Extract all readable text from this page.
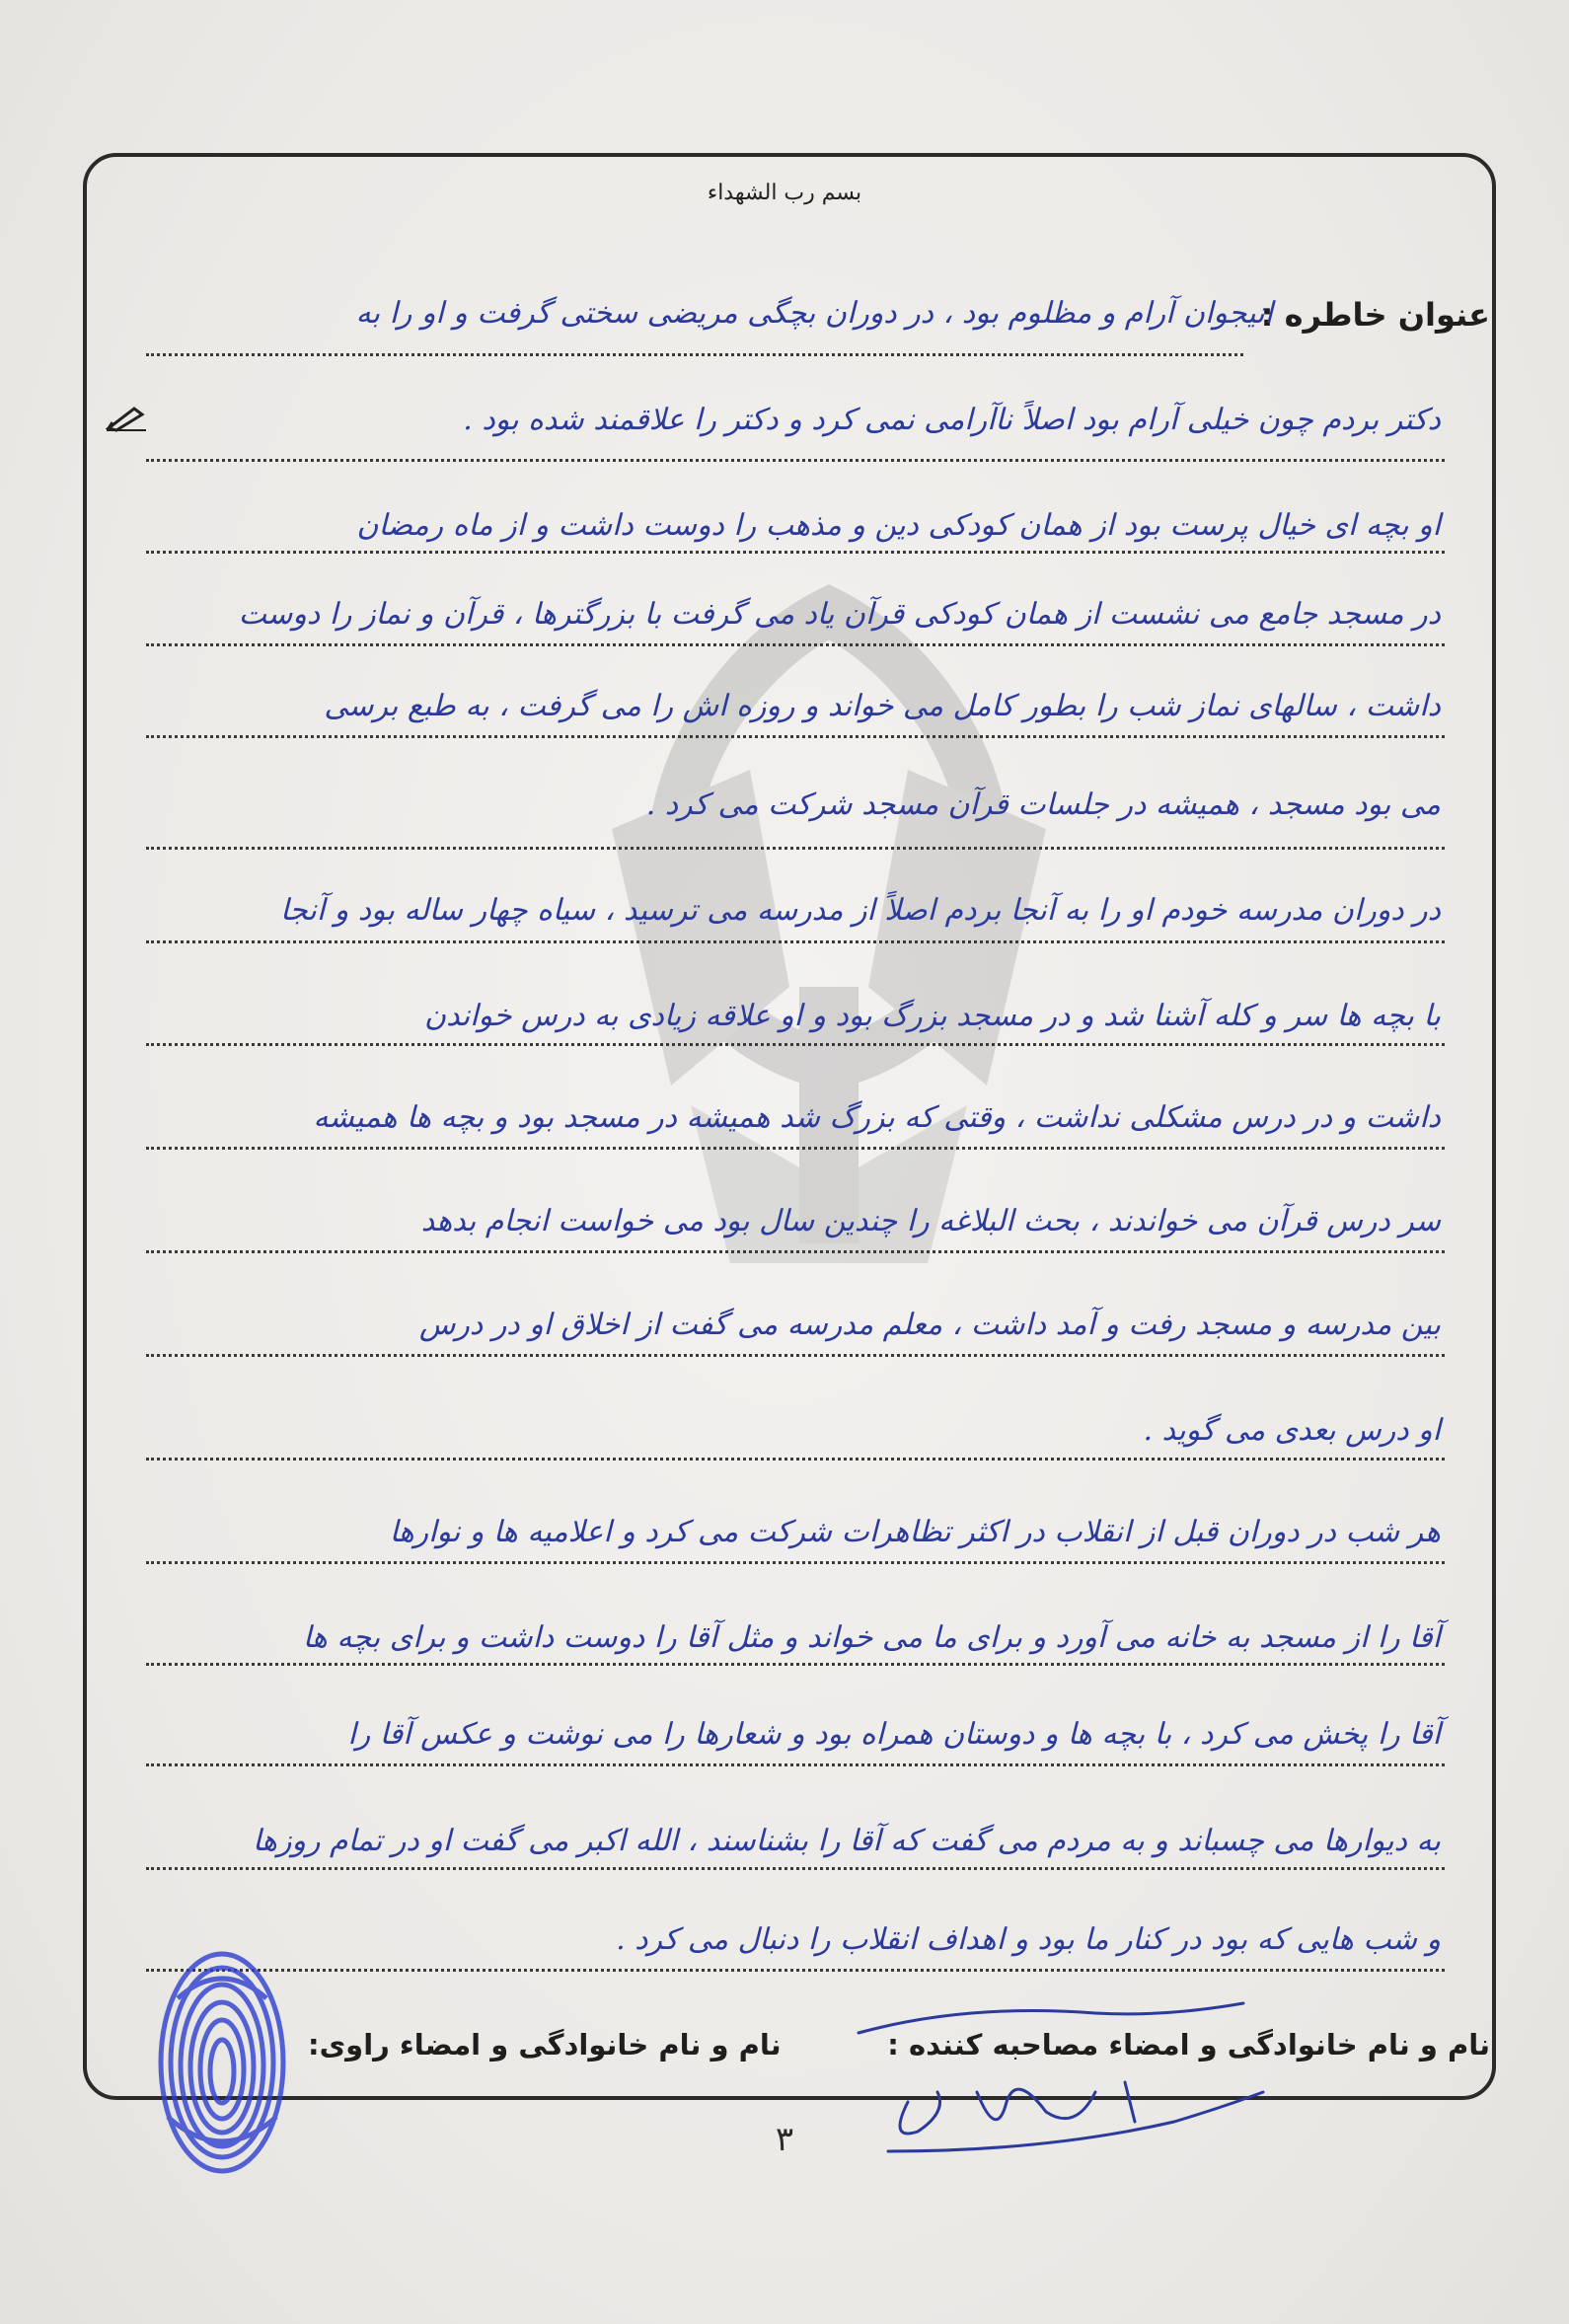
بسم رب الشهداء
عنوان خاطره :
انیجوان آرام و مظلوم بود ، در دوران بچگی مریضی سختی گرفت و او را به
دکتر بردم چون خیلی آرام بود اصلاً ناآرامی نمی کرد و دکتر را علاقمند شده بود .
او بچه ای خیال پرست بود از همان کودکی دین و مذهب را دوست داشت و از ماه رمضان
در مسجد جامع می نشست از همان کودکی قرآن یاد می گرفت با بزرگترها ، قرآن و نماز را دوست
داشت ، سالهای نماز شب را بطور کامل می خواند و روزه اش را می گرفت ، به طبع برسی
می بود مسجد ، همیشه در جلسات قرآن مسجد شرکت می کرد .
در دوران مدرسه خودم او را به آنجا بردم اصلاً از مدرسه می ترسید ، سیاه چهار ساله بود و آنجا
با بچه ها سر و کله آشنا شد و در مسجد بزرگ بود و او علاقه زیادی به درس خواندن
داشت و در درس مشکلی نداشت ، وقتی که بزرگ شد همیشه در مسجد بود و بچه ها همیشه
سر درس قرآن می خواندند ، بحث البلاغه را چندین سال بود می خواست انجام بدهد
بین مدرسه و مسجد رفت و آمد داشت ، معلم مدرسه می گفت از اخلاق او در درس
او درس بعدی می گوید .
هر شب در دوران قبل از انقلاب در اکثر تظاهرات شرکت می کرد و اعلامیه ها و نوارها
آقا را از مسجد به خانه می آورد و برای ما می خواند و مثل آقا را دوست داشت و برای بچه ها
آقا را پخش می کرد ، با بچه ها و دوستان همراه بود و شعارها را می نوشت و عکس آقا را
به دیوارها می چسباند و به مردم می گفت که آقا را بشناسند ، الله اکبر می گفت او در تمام روزها
و شب هایی که بود در کنار ما بود و اهداف انقلاب را دنبال می کرد .
نام و نام خانوادگی و امضاء مصاحبه کننده :
نام و نام خانوادگی و امضاء راوی:
۳
